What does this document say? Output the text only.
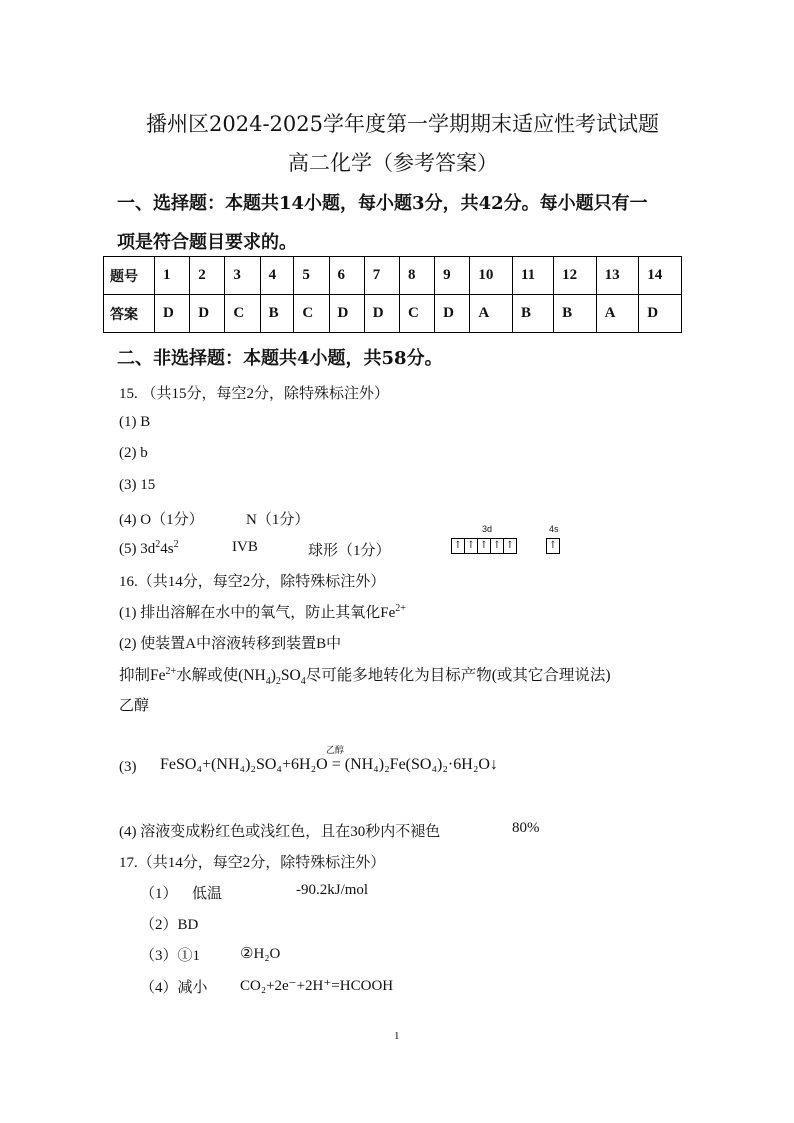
播州区2024-2025学年度第一学期期末适应性考试试题
高二化学（参考答案）
一、选择题：本题共14小题，每小题3分，共42分。每小题只有一
项是符合题目要求的。
题号	1	2	3	4	5	6	7	8	9	10	11	12	13	14
答案	D	D	C	B	C	D	D	C	D	A	B	B	A	D
二、非选择题：本题共4小题，共58分。
15. （共15分，每空2分，除特殊标注外）
(1) B
(2) b
(3) 15
(4) O（1分）	N（1分）
(5) $3d^24s^2$	IVB	球形（1分）
3d	4s
↑ ↑ ↑ ↑ ↑	↑
16.（共14分，每空2分，除特殊标注外）
(1) 排出溶解在水中的氧气，防止其氧化$Fe^{2+}$
(2) 使装置A中溶液转移到装置B中
抑制$Fe^{2+}$水解或使$(NH_4)_2SO_4$尽可能多地转化为目标产物(或其它合理说法)
乙醇
(3)
乙醇
FeSO₄+(NH₄)₂SO₄+6H₂O = (NH₄)₂Fe(SO₄)₂·6H₂O↓
(4) 溶液变成粉红色或浅红色，且在30秒内不褪色	80%
17.（共14分，每空2分，除特殊标注外）
（1） 低温	-90.2kJ/mol
（2）BD
（3）①1	②H₂O
（4）减小 CO₂+2e⁻+2H⁺=HCOOH
1
